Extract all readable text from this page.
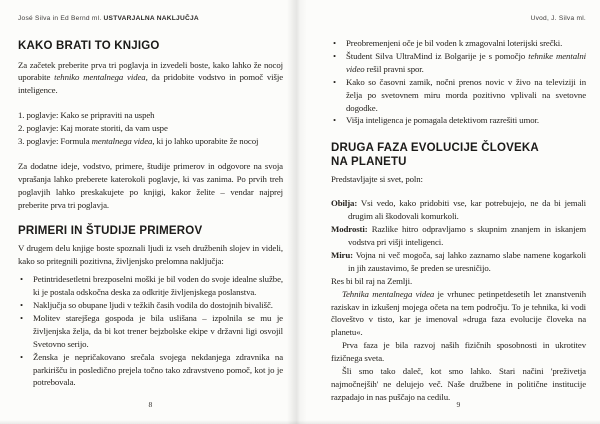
José Silva in Ed Bernd ml. USTVARJALNA NAKLJUČJA
KAKO BRATI TO KNJIGO

Za začetek preberite prva tri poglavja in izvedeli boste, kako lahko že nocoj uporabite tehniko mentalnega videa, da pridobite vodstvo in pomoč višje inteligence.

1. poglavje: Kako se pripraviti na uspeh
2. poglavje: Kaj morate storiti, da vam uspe
3. poglavje: Formula mentalnega videa, ki jo lahko uporabite že nocoj

Za dodatne ideje, vodstvo, primere, študije primerov in odgovore na svoja vprašanja lahko preberete katerokoli poglavje, ki vas zanima. Po prvih treh poglavjih lahko preskakujete po knjigi, kakor želite – vendar najprej preberite prva tri poglavja.

PRIMERI IN ŠTUDIJE PRIMEROV

V drugem delu knjige boste spoznali ljudi iz vseh družbenih slojev in videli, kako so pritegnili pozitivna, življenjsko prelomna naključja:

• Petintridesetletni brezposelni moški je bil voden do svoje idealne službe, ki je postala odskočna deska za odkritje življenjskega poslanstva.
• Naključja so obupane ljudi v težkih časih vodila do dostojnih bivališč.
• Molitev starejšega gospoda je bila uslišana – izpolnila se mu je življenjska želja, da bi kot trener bejzbolske ekipe v državni ligi osvojil Svetovno serijo.
• Ženska je nepričakovano srečala svojega nekdanjega zdravnika na parkirišču in posledično prejela točno tako zdravstveno pomoč, kot jo je potrebovala.
8
Uvod, J. Silva ml.
• Preobremenjeni oče je bil voden k zmagovalni loterijski srečki.
• Študent Silva UltraMind iz Bolgarije je s pomočjo tehnike mentalni video rešil pravni spor.
• Kako so časovni zamik, nočni prenos novic v živo na televiziji in želja po svetovnem miru morda pozitivno vplivali na svetovne dogodke.
• Višja inteligenca je pomagala detektivom razrešiti umor.
DRUGA FAZA EVOLUCIJE ČLOVEKA
NA PLANETU

Predstavljajte si svet, poln:

Obilja: Vsi vedo, kako pridobiti vse, kar potrebujejo, ne da bi jemali drugim ali škodovali komurkoli.
Modrosti: Razlike hitro odpravljamo s skupnim znanjem in iskanjem vodstva pri višji inteligenci.
Miru: Vojna ni več mogoča, saj lahko zaznamo slabe namene kogarkoli in jih zaustavimo, še preden se uresničijo.

Res bi bil raj na Zemlji.

Tehnika mentalnega videa je vrhunec petinpetdesetih let znanstvenih raziskav in izkušenj mojega očeta na tem področju. To je tehnika, ki vodi človeštvo v tisto, kar je imenoval »druga faza evolucije človeka na planetu«.

Prva faza je bila razvoj naših fizičnih sposobnosti in ukrotitev fizičnega sveta.

Šli smo tako daleč, kot smo lahko. Stari načini 'preživetja najmočnejših' ne delujejo več. Naše družbene in politične institucije razpadajo in nas puščajo na cedilu.

9
